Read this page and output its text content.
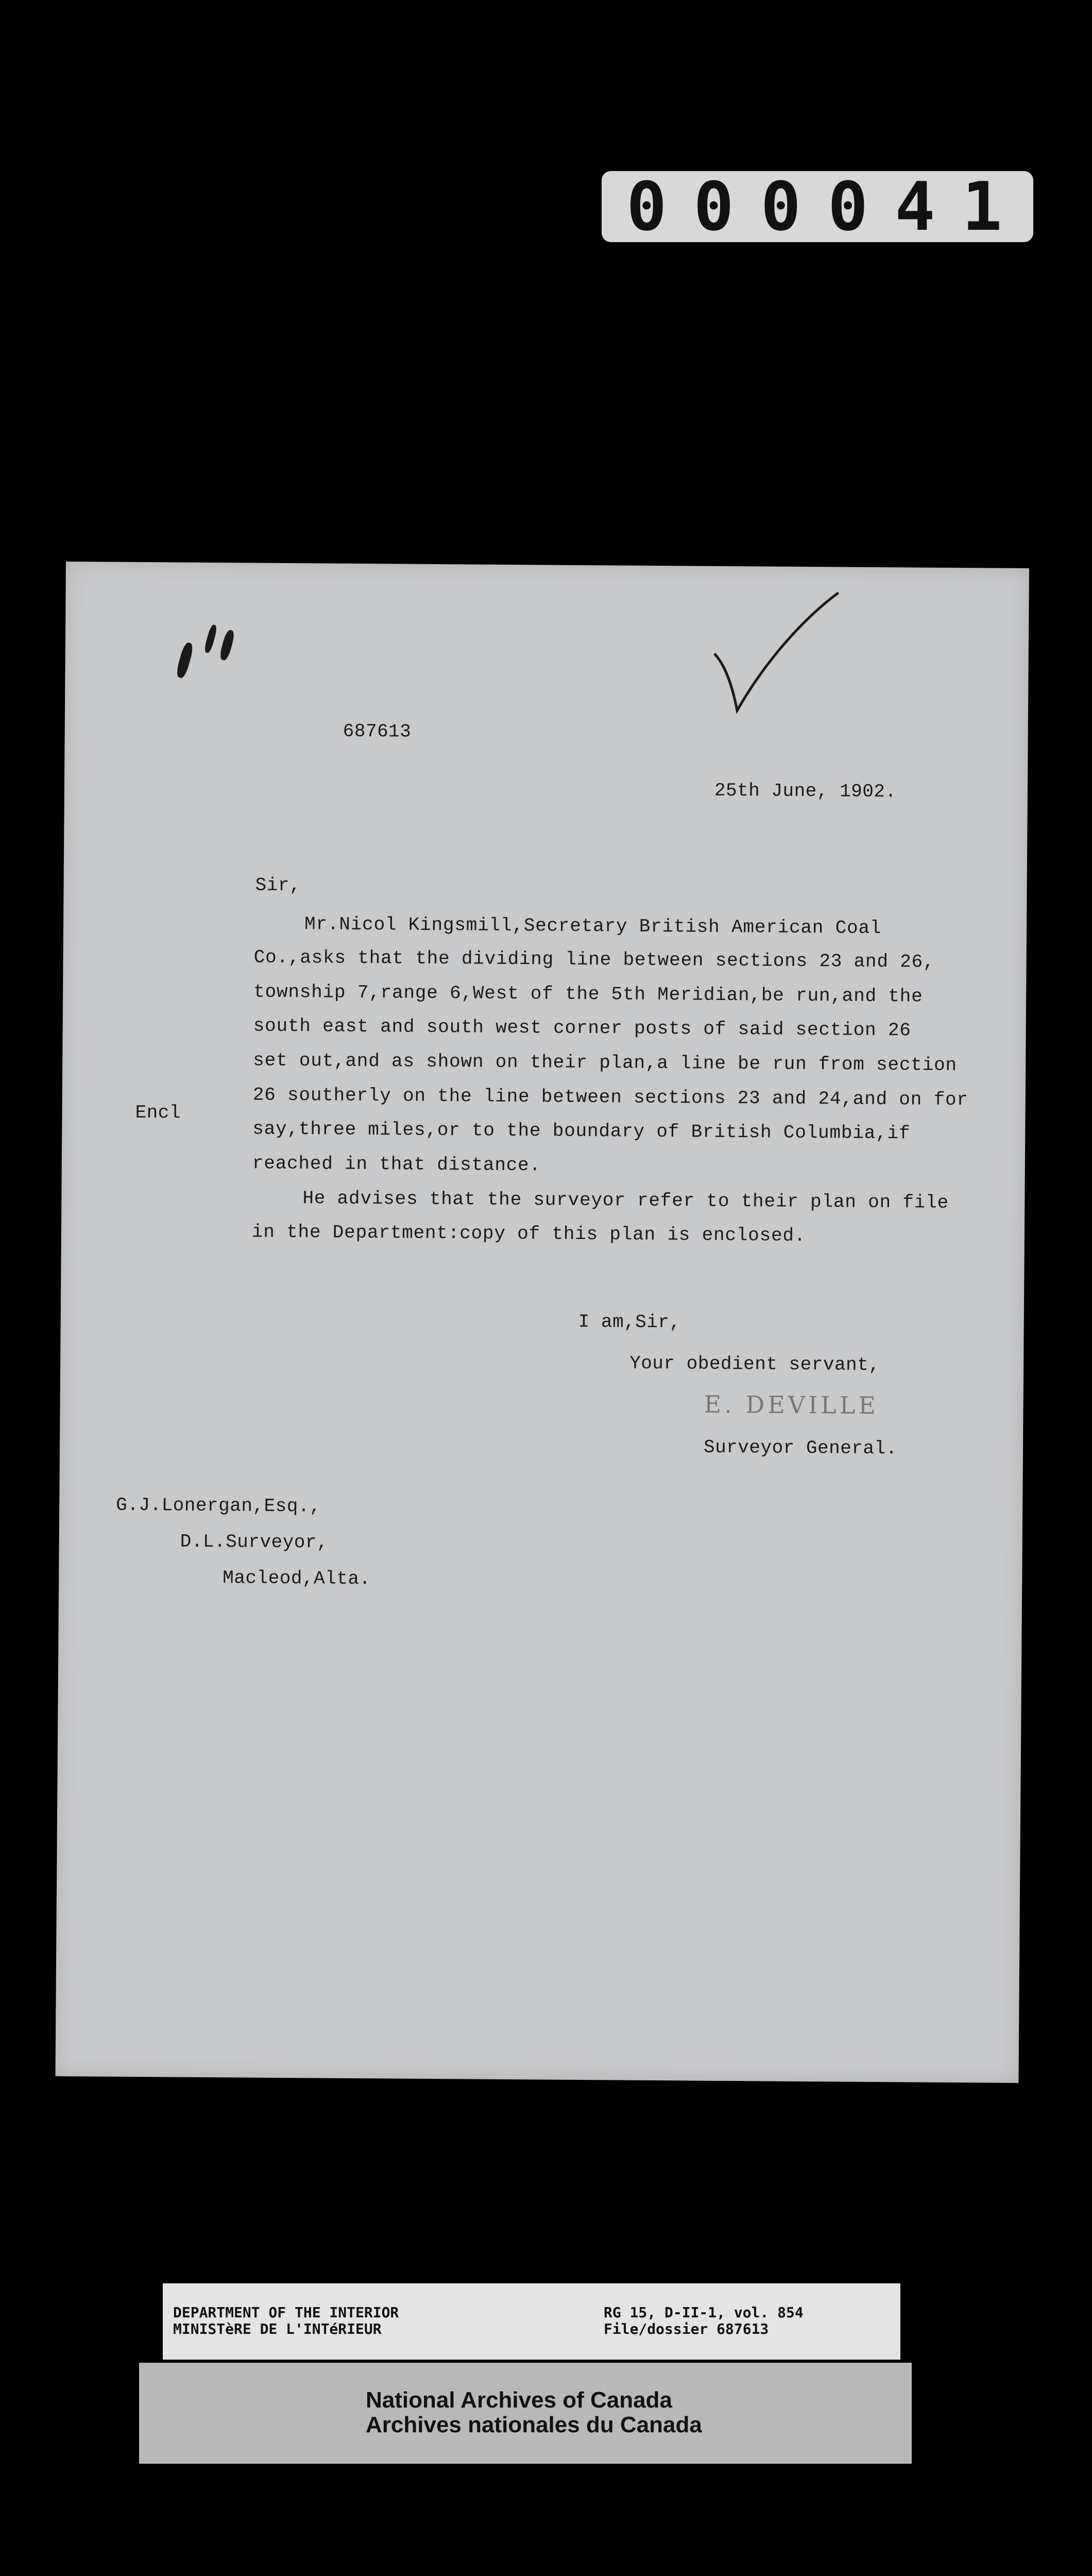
000041
687613
25th June, 1902.
Sir,
Mr.Nicol Kingsmill,Secretary British American Coal
Co.,asks that the dividing line between sections 23 and 26,
township 7,range 6,West of the 5th Meridian,be run,and the
south east and south west corner posts of said section 26
set out,and as shown on their plan,a line be run from section
26 southerly on the line between sections 23 and 24,and on for
say,three miles,or to the boundary of British Columbia,if
reached in that distance.
He advises that the surveyor refer to their plan on file
in the Department:copy of this plan is enclosed.
Encl
I am,Sir,
Your obedient servant,
E. DEVILLE
Surveyor General.
G.J.Lonergan,Esq.,
D.L.Surveyor,
Macleod,Alta.
DEPARTMENT OF THE INTERIOR
MINISTèRE DE L'INTéRIEUR
RG 15, D-II-1, vol. 854
File/dossier 687613
National Archives of Canada
Archives nationales du Canada
